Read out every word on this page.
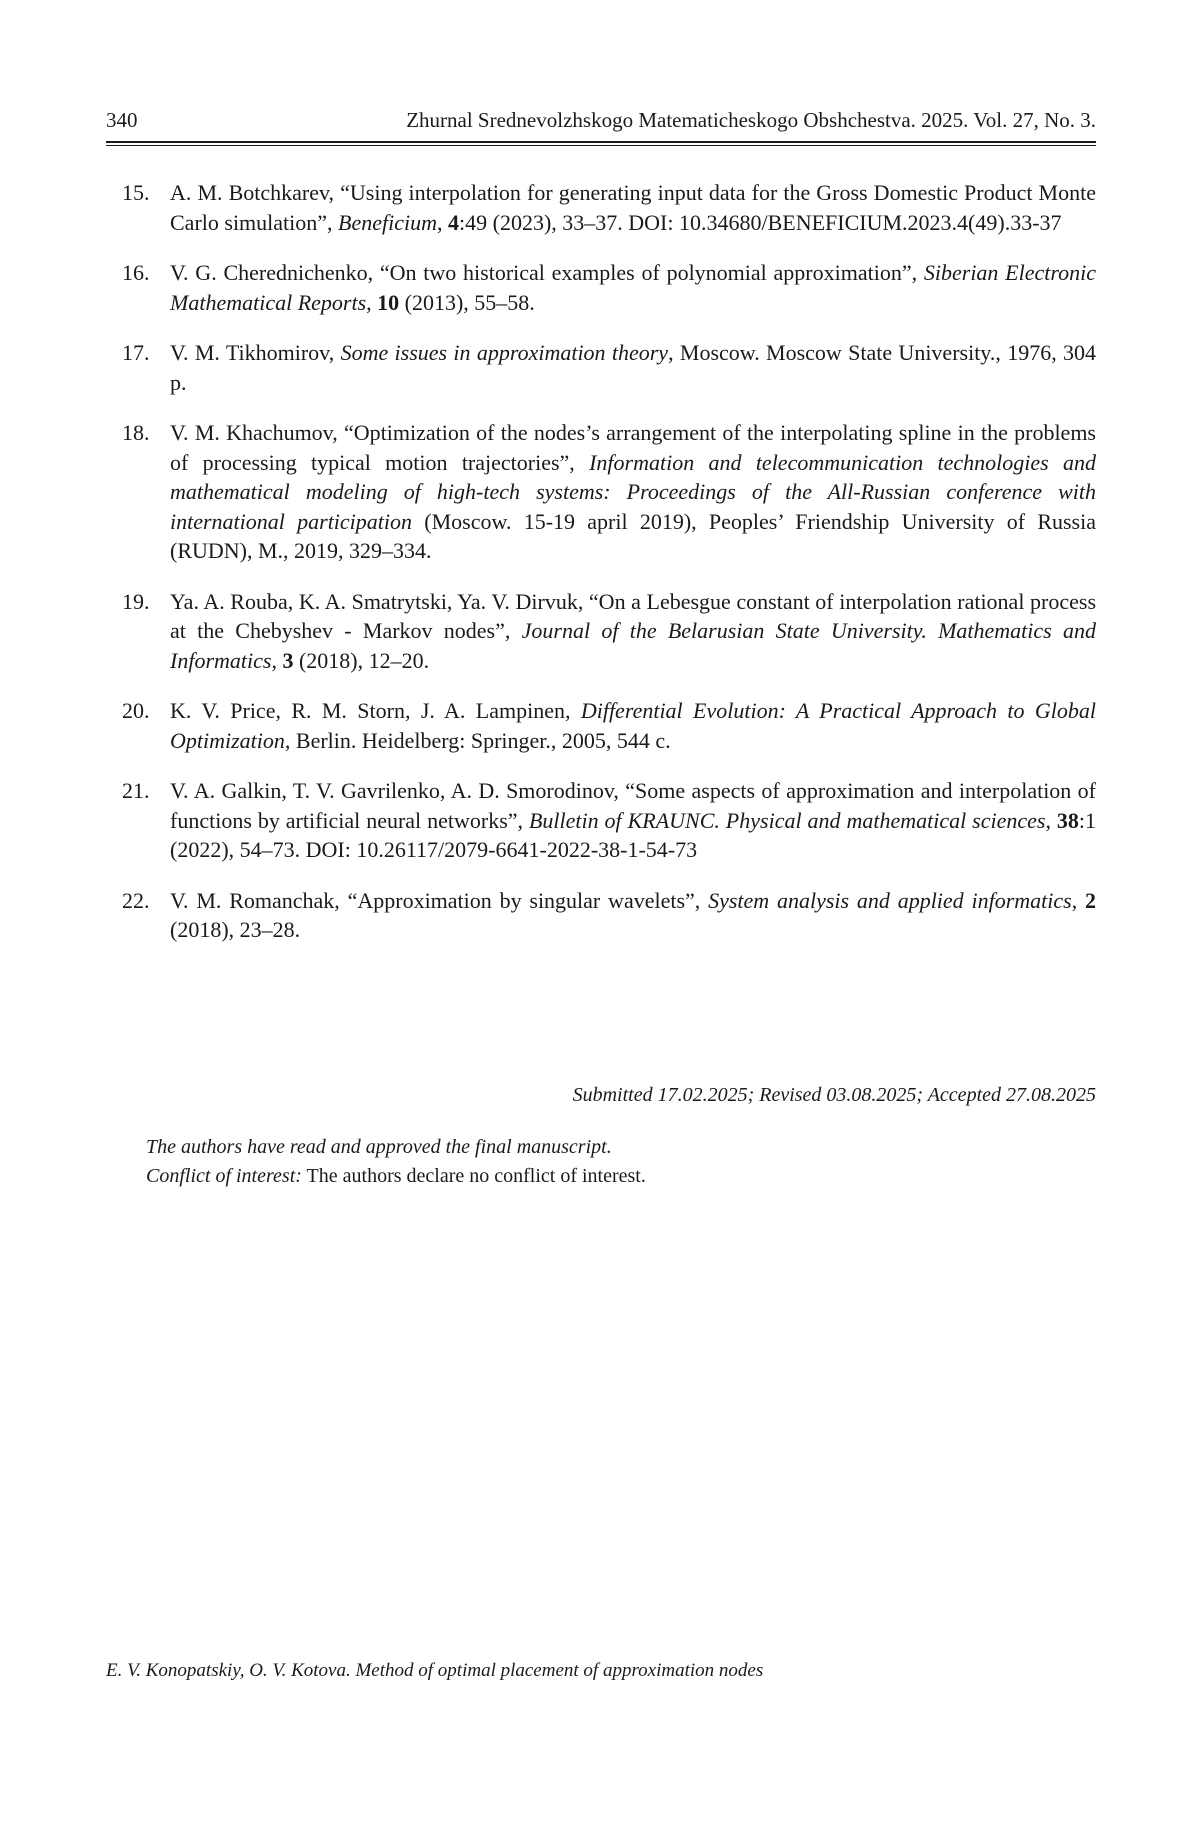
340	Zhurnal Srednevolzhskogo Matematicheskogo Obshchestva. 2025. Vol. 27, No. 3.
15. A. M. Botchkarev, “Using interpolation for generating input data for the Gross Domestic Product Monte Carlo simulation”, Beneficium, 4:49 (2023), 33–37. DOI: 10.34680/BENEFICIUM.2023.4(49).33-37
16. V. G. Cherednichenko, “On two historical examples of polynomial approximation”, Siberian Electronic Mathematical Reports, 10 (2013), 55–58.
17. V. M. Tikhomirov, Some issues in approximation theory, Moscow. Moscow State University., 1976, 304 p.
18. V. M. Khachumov, “Optimization of the nodes’s arrangement of the interpolating spline in the problems of processing typical motion trajectories”, Information and telecommunication technologies and mathematical modeling of high-tech systems: Proceedings of the All-Russian conference with international participation (Moscow. 15-19 april 2019), Peoples’ Friendship University of Russia (RUDN), M., 2019, 329–334.
19. Ya. A. Rouba, K. A. Smatrytski, Ya. V. Dirvuk, “On a Lebesgue constant of interpolation rational process at the Chebyshev - Markov nodes”, Journal of the Belarusian State University. Mathematics and Informatics, 3 (2018), 12–20.
20. K. V. Price, R. M. Storn, J. A. Lampinen, Differential Evolution: A Practical Approach to Global Optimization, Berlin. Heidelberg: Springer., 2005, 544 c.
21. V. A. Galkin, T. V. Gavrilenko, A. D. Smorodinov, “Some aspects of approximation and interpolation of functions by artificial neural networks”, Bulletin of KRAUNC. Physical and mathematical sciences, 38:1 (2022), 54–73. DOI: 10.26117/2079-6641-2022-38-1-54-73
22. V. M. Romanchak, “Approximation by singular wavelets”, System analysis and applied informatics, 2 (2018), 23–28.
Submitted 17.02.2025; Revised 03.08.2025; Accepted 27.08.2025

The authors have read and approved the final manuscript.

Conflict of interest: The authors declare no conflict of interest.

E. V. Konopatskiy, O. V. Kotova. Method of optimal placement of approximation nodes
